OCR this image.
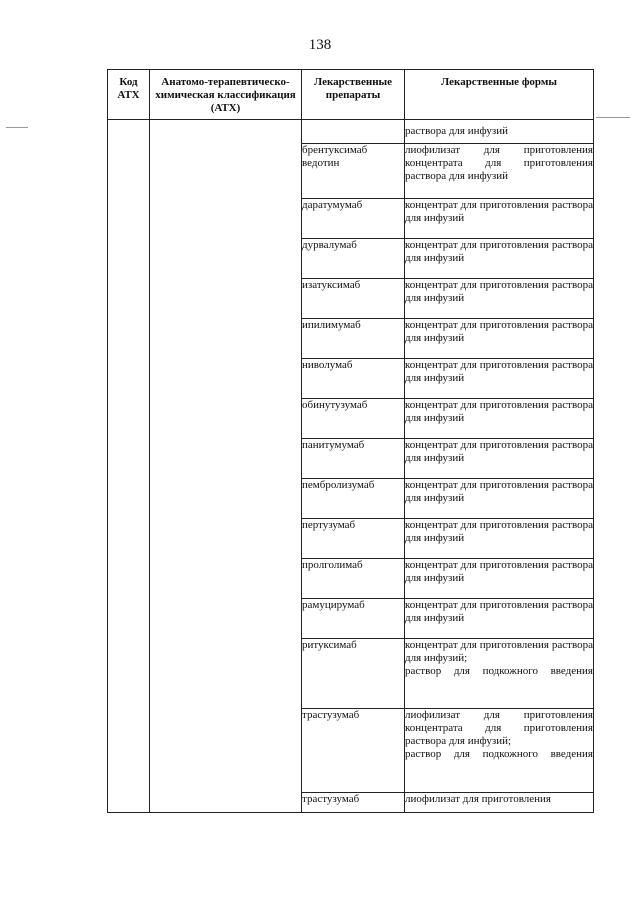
138
Код АТХ	Анатомо-терапевтическо-химическая классификация (АТХ)	Лекарственные препараты	Лекарственные формы

			раствора для инфузий

		брентуксимаб ведотин	лиофилизат для приготовления концентрата для приготовления раствора для инфузий

		даратумумаб	концентрат для приготовления раствора для инфузий

		дурвалумаб	концентрат для приготовления раствора для инфузий

		изатуксимаб	концентрат для приготовления раствора для инфузий

		ипилимумаб	концентрат для приготовления раствора для инфузий

		ниволумаб	концентрат для приготовления раствора для инфузий

		обинутузумаб	концентрат для приготовления раствора для инфузий

		панитумумаб	концентрат для приготовления раствора для инфузий

		пембролизумаб	концентрат для приготовления раствора для инфузий

		пертузумаб	концентрат для приготовления раствора для инфузий

		пролголимаб	концентрат для приготовления раствора для инфузий

		рамуцирумаб	концентрат для приготовления раствора для инфузий

		ритуксимаб	концентрат для приготовления раствора для инфузий;
раствор для подкожного введения

		трастузумаб	лиофилизат для приготовления концентрата для приготовления раствора для инфузий;
раствор для подкожного введения

		трастузумаб	лиофилизат для приготовления
